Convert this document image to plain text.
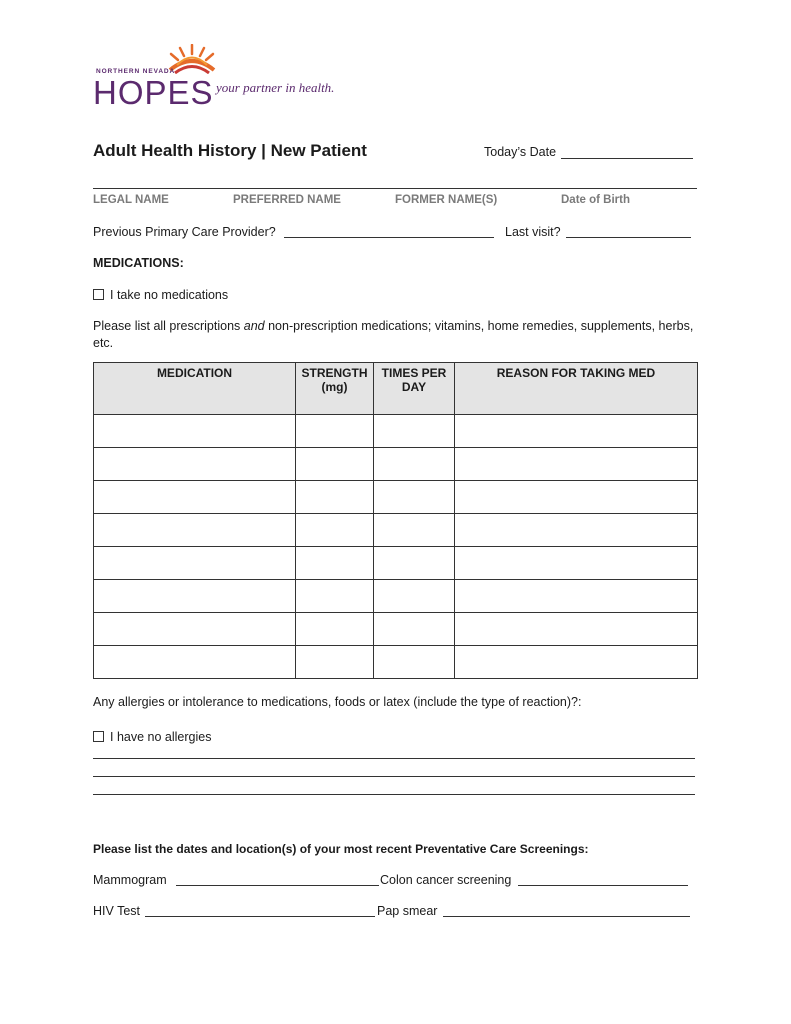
NORTHERN NEVADA
HOPES your partner in health.
Adult Health History | New Patient	Today’s Date
LEGAL NAME	PREFERRED NAME	FORMER NAME(S)	Date of Birth
Previous Primary Care Provider?	Last visit?
MEDICATIONS:
I take no medications
Please list all prescriptions and non-prescription medications; vitamins, home remedies, supplements, herbs, etc.
MEDICATION	STRENGTH (mg)	TIMES PER DAY	REASON FOR TAKING MED

Any allergies or intolerance to medications, foods or latex (include the type of reaction)?:
I have no allergies
Please list the dates and location(s) of your most recent Preventative Care Screenings:
Mammogram	Colon cancer screening
HIV Test	Pap smear
